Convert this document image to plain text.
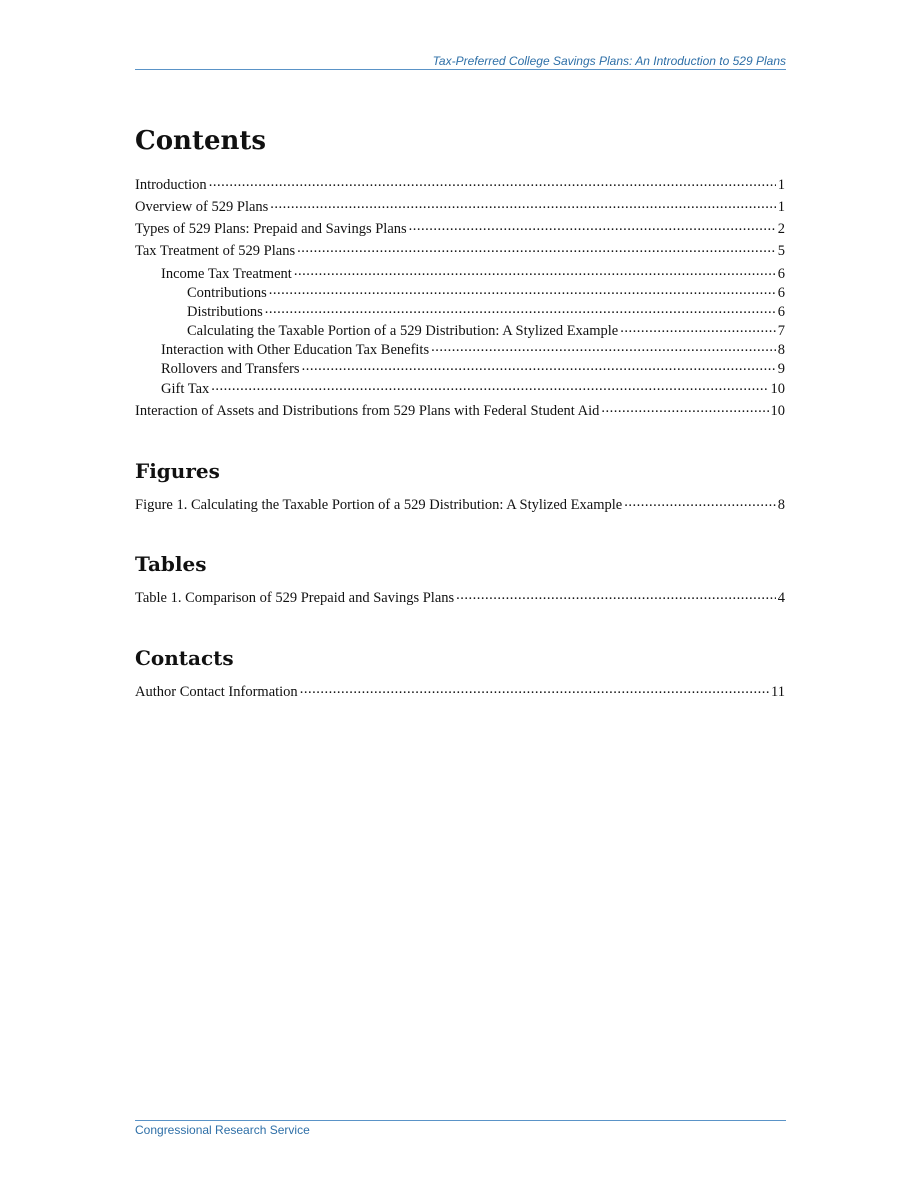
Tax-Preferred College Savings Plans: An Introduction to 529 Plans
Contents
Introduction .....	1
Overview of 529 Plans .....	1
Types of 529 Plans: Prepaid and Savings Plans .....	2
Tax Treatment of 529 Plans .....	5
Income Tax Treatment .....	6
Contributions .....	6
Distributions .....	6
Calculating the Taxable Portion of a 529 Distribution: A Stylized Example .....	7
Interaction with Other Education Tax Benefits .....	8
Rollovers and Transfers .....	9
Gift Tax .....	10
Interaction of Assets and Distributions from 529 Plans with Federal Student Aid .....	10
Figures
Figure 1. Calculating the Taxable Portion of a 529 Distribution: A Stylized Example .....	8
Tables
Table 1. Comparison of 529 Prepaid and Savings Plans .....	4
Contacts
Author Contact Information .....	11
Congressional Research Service
